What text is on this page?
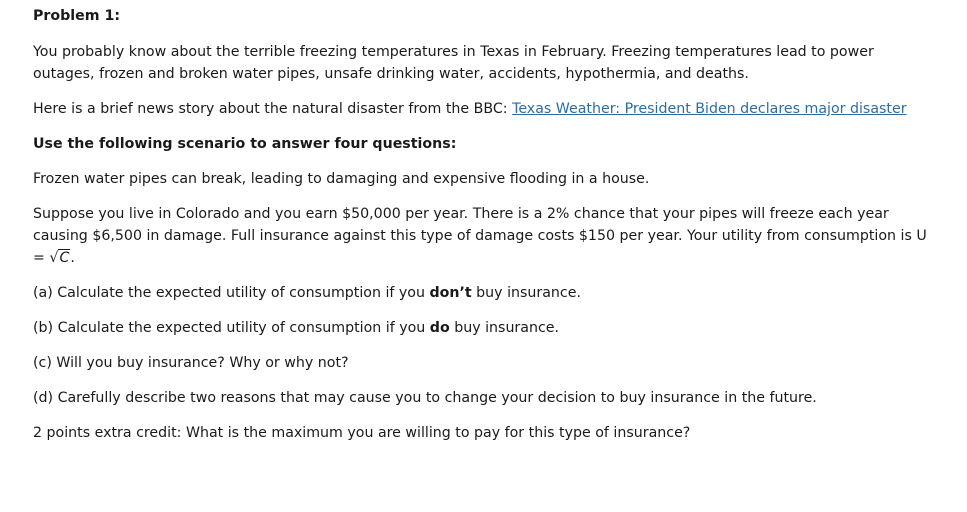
Problem 1:

You probably know about the terrible freezing temperatures in Texas in February. Freezing temperatures lead to power outages, frozen and broken water pipes, unsafe drinking water, accidents, hypothermia, and deaths.

Here is a brief news story about the natural disaster from the BBC: Texas Weather: President Biden declares major disaster

Use the following scenario to answer four questions:

Frozen water pipes can break, leading to damaging and expensive flooding in a house.

Suppose you live in Colorado and you earn $50,000 per year. There is a 2% chance that your pipes will freeze each year causing $6,500 in damage. Full insurance against this type of damage costs $150 per year. Your utility from consumption is U = √C.

(a) Calculate the expected utility of consumption if you don’t buy insurance.

(b) Calculate the expected utility of consumption if you do buy insurance.

(c) Will you buy insurance? Why or why not?

(d) Carefully describe two reasons that may cause you to change your decision to buy insurance in the future.

2 points extra credit: What is the maximum you are willing to pay for this type of insurance?
